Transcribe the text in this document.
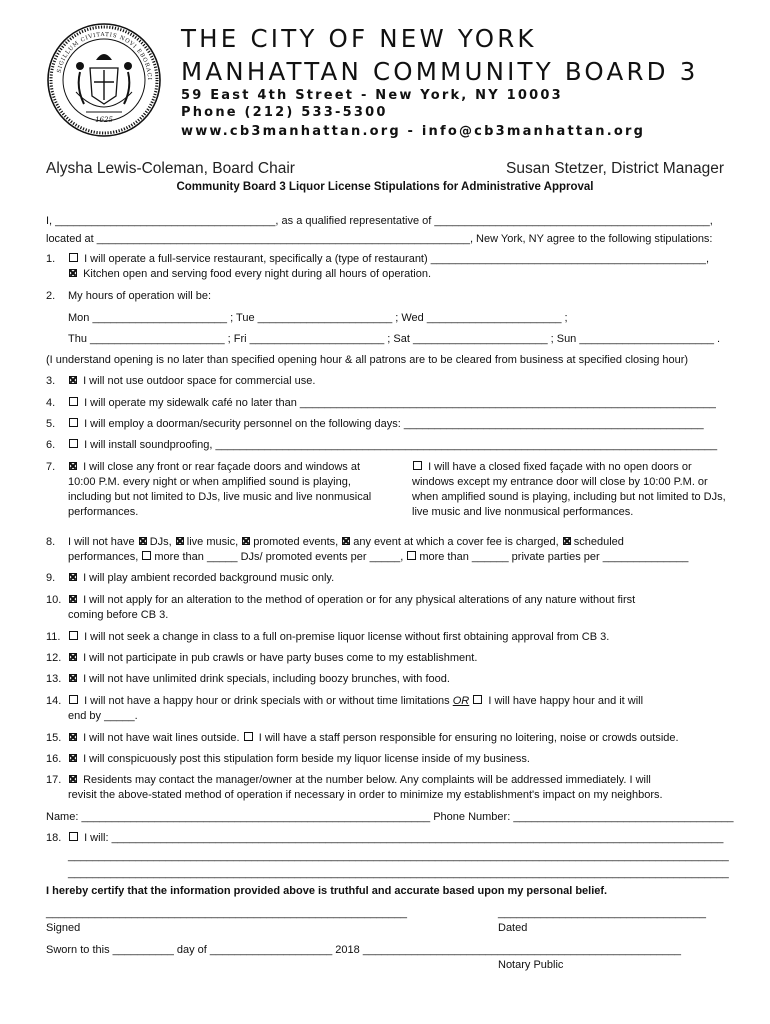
1625
SIGILLUM CIVITATIS NOVI EBORACI
THE CITY OF NEW YORK
MANHATTAN COMMUNITY BOARD 3
59 East 4th Street - New York, NY 10003
Phone (212) 533-5300
www.cb3manhattan.org - info@cb3manhattan.org
Alysha Lewis-Coleman, Board Chair	Susan Stetzer, District Manager
Community Board 3 Liquor License Stipulations for Administrative Approval
I, ____________________________________, as a qualified representative of _____________________________________________,
located at _____________________________________________________________, New York, NY agree to the following stipulations:
1.	I will operate a full-service restaurant, specifically a (type of restaurant) _____________________________________________,
Kitchen open and serving food every night during all hours of operation.
2. My hours of operation will be:
Mon ______________________ ; Tue ______________________ ; Wed ______________________ ;
Thu ______________________ ; Fri ______________________ ; Sat ______________________ ; Sun ______________________ .
(I understand opening is no later than specified opening hour & all patrons are to be cleared from business at specified closing hour)
3.	I will not use outdoor space for commercial use.
4.	I will operate my sidewalk café no later than ____________________________________________________________________
5.	I will employ a doorman/security personnel on the following days: _________________________________________________
6.	I will install soundproofing, __________________________________________________________________________________
7.	I will close any front or rear façade doors and windows at 10:00 P.M. every night or when amplified sound is playing, including but not limited to DJs, live music and live nonmusical performances.
I will have a closed fixed façade with no open doors or windows except my entrance door will close by 10:00 P.M. or when amplified sound is playing, including but not limited to DJs, live music and live nonmusical performances.
8. I will not have DJs, live music, promoted events, any event at which a cover fee is charged, scheduled
performances, more than _____ DJs/ promoted events per _____, more than ______ private parties per ______________
9.	I will play ambient recorded background music only.
10.	I will not apply for an alteration to the method of operation or for any physical alterations of any nature without first
coming before CB 3.
11.	I will not seek a change in class to a full on-premise liquor license without first obtaining approval from CB 3.
12.	I will not participate in pub crawls or have party buses come to my establishment.
13.	I will not have unlimited drink specials, including boozy brunches, with food.
14.	I will not have a happy hour or drink specials with or without time limitations OR I will have happy hour and it will
end by _____.
15.	I will not have wait lines outside. I will have a staff person responsible for ensuring no loitering, noise or crowds outside.
16.	I will conspicuously post this stipulation form beside my liquor license inside of my business.
17.	Residents may contact the manager/owner at the number below. Any complaints will be addressed immediately. I will
revisit the above-stated method of operation if necessary in order to minimize my establishment's impact on my neighbors.
Name: _________________________________________________________ Phone Number: ____________________________________
18.	I will: ____________________________________________________________________________________________________
____________________________________________________________________________________________________________
____________________________________________________________________________________________________________
I hereby certify that the information provided above is truthful and accurate based upon my personal belief.
___________________________________________________________	__________________________________
Signed	Dated
Sworn to this __________ day of ____________________ 2018 ____________________________________________________
Notary Public
